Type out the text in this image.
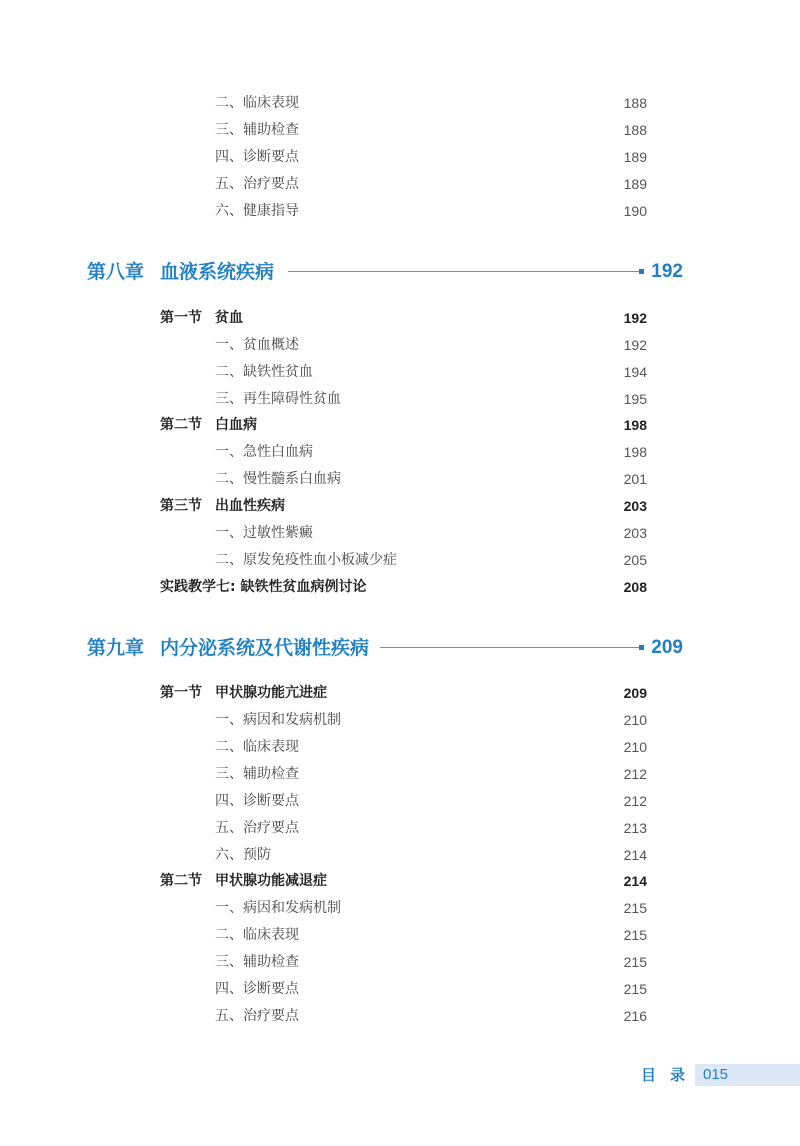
二、临床表现	188
三、辅助检查	188
四、诊断要点	189
五、治疗要点	189
六、健康指导	190
第八章 血液系统疾病	192
第一节 贫血	192
一、贫血概述	192
二、缺铁性贫血	194
三、再生障碍性贫血	195
第二节 白血病	198
一、急性白血病	198
二、慢性髓系白血病	201
第三节 出血性疾病	203
一、过敏性紫癜	203
二、原发免疫性血小板减少症	205
实践教学七: 缺铁性贫血病例讨论	208
第九章 内分泌系统及代谢性疾病	209
第一节 甲状腺功能亢进症	209
一、病因和发病机制	210
二、临床表现	210
三、辅助检查	212
四、诊断要点	212
五、治疗要点	213
六、预防	214
第二节 甲状腺功能减退症	214
一、病因和发病机制	215
二、临床表现	215
三、辅助检查	215
四、诊断要点	215
五、治疗要点	216
目录 015
